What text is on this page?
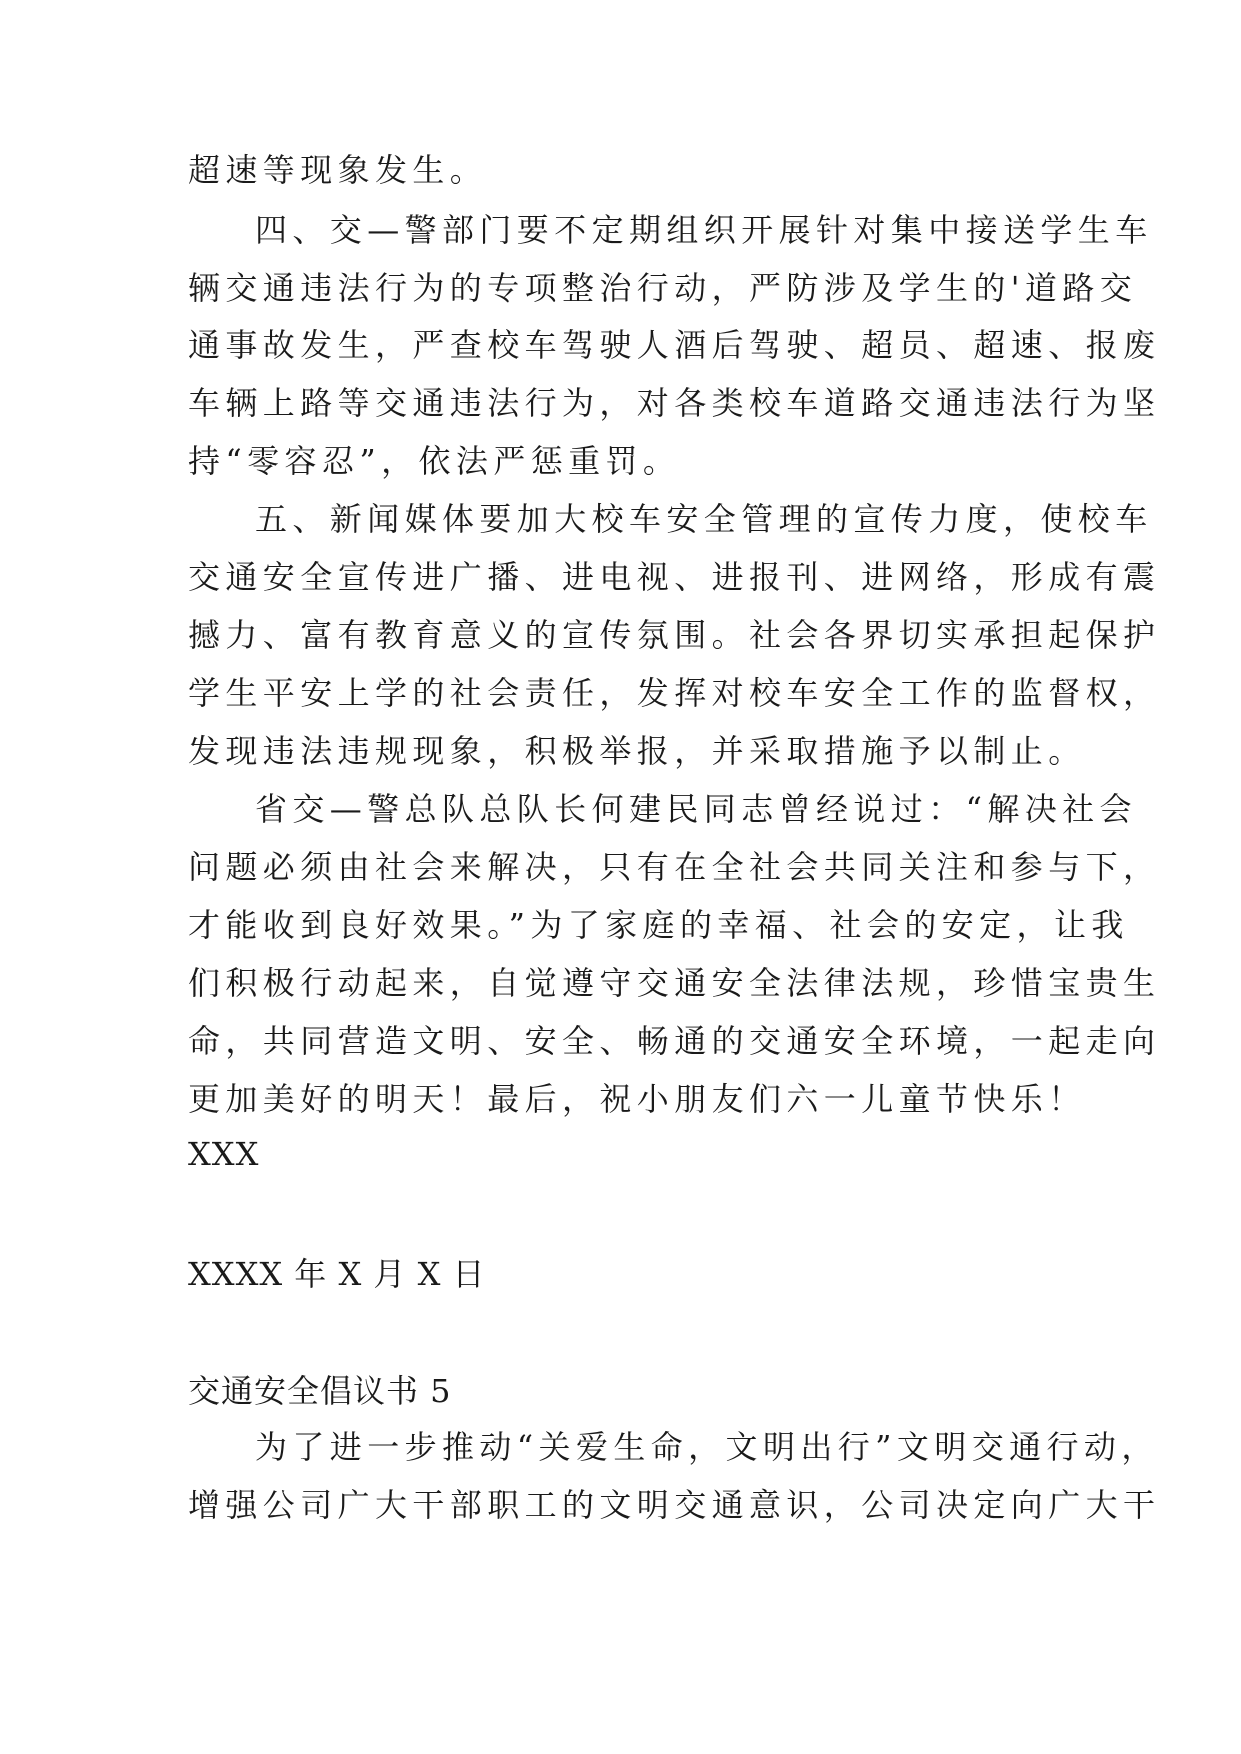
超速等现象发生。
四、交—警部门要不定期组织开展针对集中接送学生车
辆交通违法行为的专项整治行动，严防涉及学生的'道路交
通事故发生，严查校车驾驶人酒后驾驶、超员、超速、报废
车辆上路等交通违法行为，对各类校车道路交通违法行为坚
持“零容忍”，依法严惩重罚。
五、新闻媒体要加大校车安全管理的宣传力度，使校车
交通安全宣传进广播、进电视、进报刊、进网络，形成有震
撼力、富有教育意义的宣传氛围。社会各界切实承担起保护
学生平安上学的社会责任，发挥对校车安全工作的监督权，
发现违法违规现象，积极举报，并采取措施予以制止。
省交—警总队总队长何建民同志曾经说过：“解决社会
问题必须由社会来解决，只有在全社会共同关注和参与下，
才能收到良好效果。”为了家庭的幸福、社会的安定，让我
们积极行动起来，自觉遵守交通安全法律法规，珍惜宝贵生
命，共同营造文明、安全、畅通的交通安全环境，一起走向
更加美好的明天！最后，祝小朋友们六一儿童节快乐！
XXX
XXXX 年 X 月 X 日
交通安全倡议书 5
为了进一步推动“关爱生命，文明出行”文明交通行动，
增强公司广大干部职工的文明交通意识，公司决定向广大干
